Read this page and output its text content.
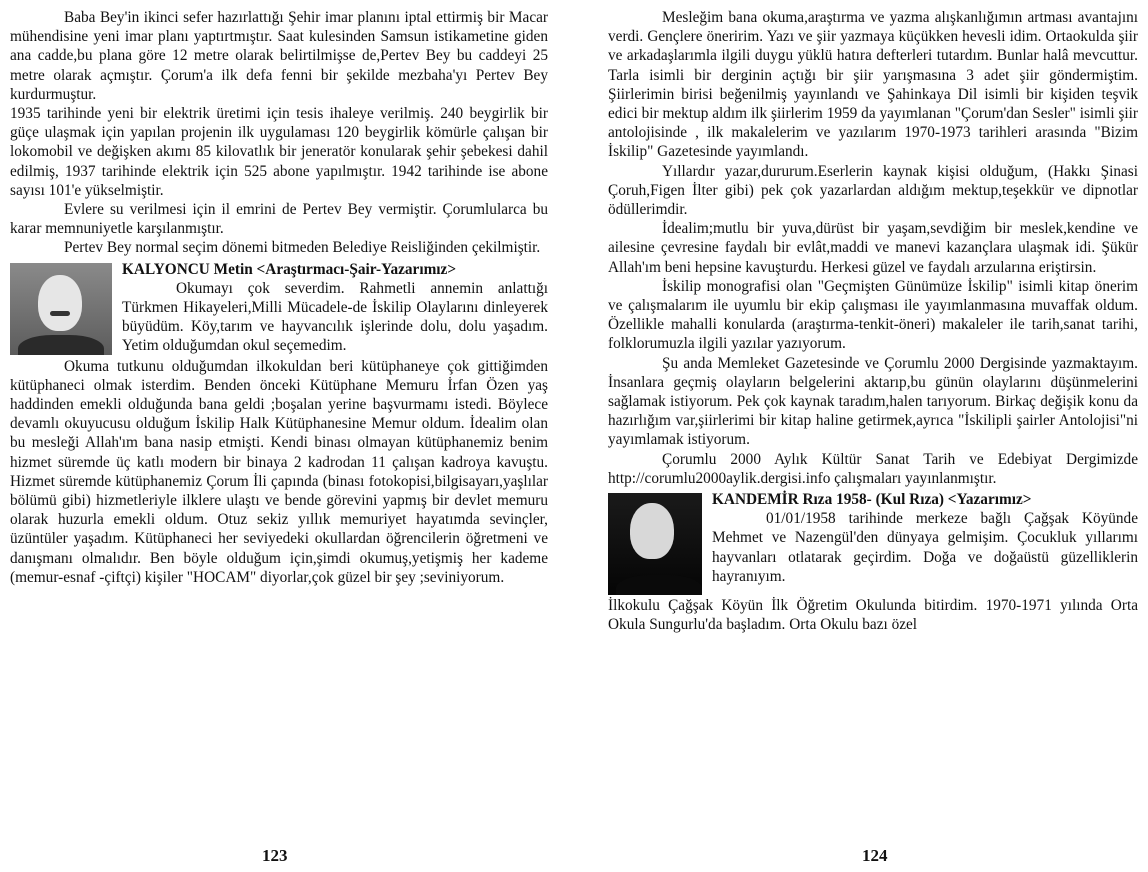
Baba Bey'in ikinci sefer hazırlattığı Şehir imar planını iptal ettirmiş bir Macar mühendisine yeni imar planı yaptırtmıştır. Saat kulesinden Samsun istikametine giden ana cadde,bu plana göre 12 metre olarak belirtilmişse de,Pertev Bey bu caddeyi 25 metre olarak açmıştır. Çorum'a ilk defa fenni bir şekilde mezbaha'yı Pertev Bey kurdurmuştur.

1935 tarihinde yeni bir elektrik üretimi için tesis ihaleye verilmiş. 240 beygirlik bir güçe ulaşmak için yapılan projenin ilk uygulaması 120 beygirlik kömürle çalışan bir lokomobil ve değişken akımı 85 kilovatlık bir jeneratör konularak şehir şebekesi dahil edilmiş, 1937 tarihinde elektrik için 525 abone yapılmıştır. 1942 tarihinde ise abone sayısı 101'e yükselmiştir.

Evlere su verilmesi için il emrini de Pertev Bey vermiştir. Çorumlularca bu karar memnuniyetle karşılanmıştır.

Pertev Bey normal seçim dönemi bitmeden Belediye Reisliğinden çekilmiştir.

KALYONCU Metin <Araştırmacı-Şair-Yazarımız>

Okumayı çok severdim. Rahmetli annemin anlattığı Türkmen Hikayeleri,Milli Mücadele-de İskilip Olaylarını dinleyerek büyüdüm. Köy,tarım ve hayvancılık işlerinde dolu, dolu yaşadım. Yetim olduğumdan okul seçemedim.

Okuma tutkunu olduğumdan ilkokuldan beri kütüphaneye çok gittiğimden kütüphaneci olmak isterdim. Benden önceki Kütüphane Memuru İrfan Özen yaş haddinden emekli olduğunda bana geldi ;boşalan yerine başvurmamı istedi. Böylece devamlı okuyucusu olduğum İskilip Halk Kütüphanesine Memur oldum. İdealim olan bu mesleği Allah'ım bana nasip etmişti. Kendi binası olmayan kütüphanemiz benim hizmet süremde üç katlı modern bir binaya 2 kadrodan 11 çalışan kadroya kavuştu. Hizmet süremde kütüphanemiz Çorum İli çapında (binası fotokopisi,bilgisayarı,yaşlılar bölümü gibi) hizmetleriyle ilklere ulaştı ve bende görevini yapmış bir devlet memuru olarak huzurla emekli oldum. Otuz sekiz yıllık memuriyet hayatımda sevinçler, üzüntüler yaşadım. Kütüphaneci her seviyedeki okullardan öğrencilerin öğretmeni ve danışmanı olmalıdır. Ben böyle olduğum için,şimdi okumuş,yetişmiş her kademe (memur-esnaf -çiftçi) kişiler "HOCAM" diyorlar,çok güzel bir şey ;seviniyorum.

123

Mesleğim bana okuma,araştırma ve yazma alışkanlığımın artması avantajını verdi. Gençlere öneririm. Yazı ve şiir yazmaya küçükken hevesli idim. Ortaokulda şiir ve arkadaşlarımla ilgili duygu yüklü hatıra defterleri tutardım. Bunlar halâ mevcuttur. Tarla isimli bir derginin açtığı bir şiir yarışmasına 3 adet şiir göndermiştim. Şiirlerimin birisi beğenilmiş yayınlandı ve Şahinkaya Dil isimli bir kişiden teşvik edici bir mektup aldım ilk şiirlerim 1959 da yayımlanan "Çorum'dan Sesler" isimli şiir antolojisinde , ilk makalelerim ve yazılarım 1970-1973 tarihleri arasında "Bizim İskilip" Gazetesinde yayımlandı.

Yıllardır yazar,dururum.Eserlerin kaynak kişisi olduğum, (Hakkı Şinasi Çoruh,Figen İlter gibi) pek çok yazarlardan aldığım mektup,teşekkür ve dipnotlar ödüllerimdir.

İdealim;mutlu bir yuva,dürüst bir yaşam,sevdiğim bir meslek,kendine ve ailesine çevresine faydalı bir evlât,maddi ve manevi kazançlara ulaşmak idi. Şükür Allah'ım beni hepsine kavuşturdu. Herkesi güzel ve faydalı arzularına eriştirsin.

İskilip monografisi olan "Geçmişten Günümüze İskilip" isimli kitap önerim ve çalışmalarım ile uyumlu bir ekip çalışması ile yayımlanmasına muvaffak oldum. Özellikle mahalli konularda (araştırma-tenkit-öneri) makaleler ile tarih,sanat tarihi, folklorumuzla ilgili yazılar yazıyorum.

Şu anda Memleket Gazetesinde ve Çorumlu 2000 Dergisinde yazmaktayım. İnsanlara geçmiş olayların belgelerini aktarıp,bu günün olaylarını düşünmelerini sağlamak istiyorum. Pek çok kaynak taradım,halen tarıyorum. Birkaç değişik konu da hazırlığım var,şiirlerimi bir kitap haline getirmek,ayrıca "İskilipli şairler Antolojisi"ni yayımlamak istiyorum.

Çorumlu 2000 Aylık Kültür Sanat Tarih ve Edebiyat Dergimizde http://corumlu2000aylik.dergisi.info çalışmaları yayınlanmıştır.

KANDEMİR Rıza 1958- (Kul Rıza) <Yazarımız>

01/01/1958 tarihinde merkeze bağlı Çağşak Köyünde Mehmet ve Nazengül'den dünyaya gelmişim. Çocukluk yıllarımı hayvanları otlatarak geçirdim. Doğa ve doğaüstü güzelliklerin hayranıyım.

İlkokulu Çağşak Köyün İlk Öğretim Okulunda bitirdim. 1970-1971 yılında Orta Okula Sungurlu'da başladım. Orta Okulu bazı özel

124
